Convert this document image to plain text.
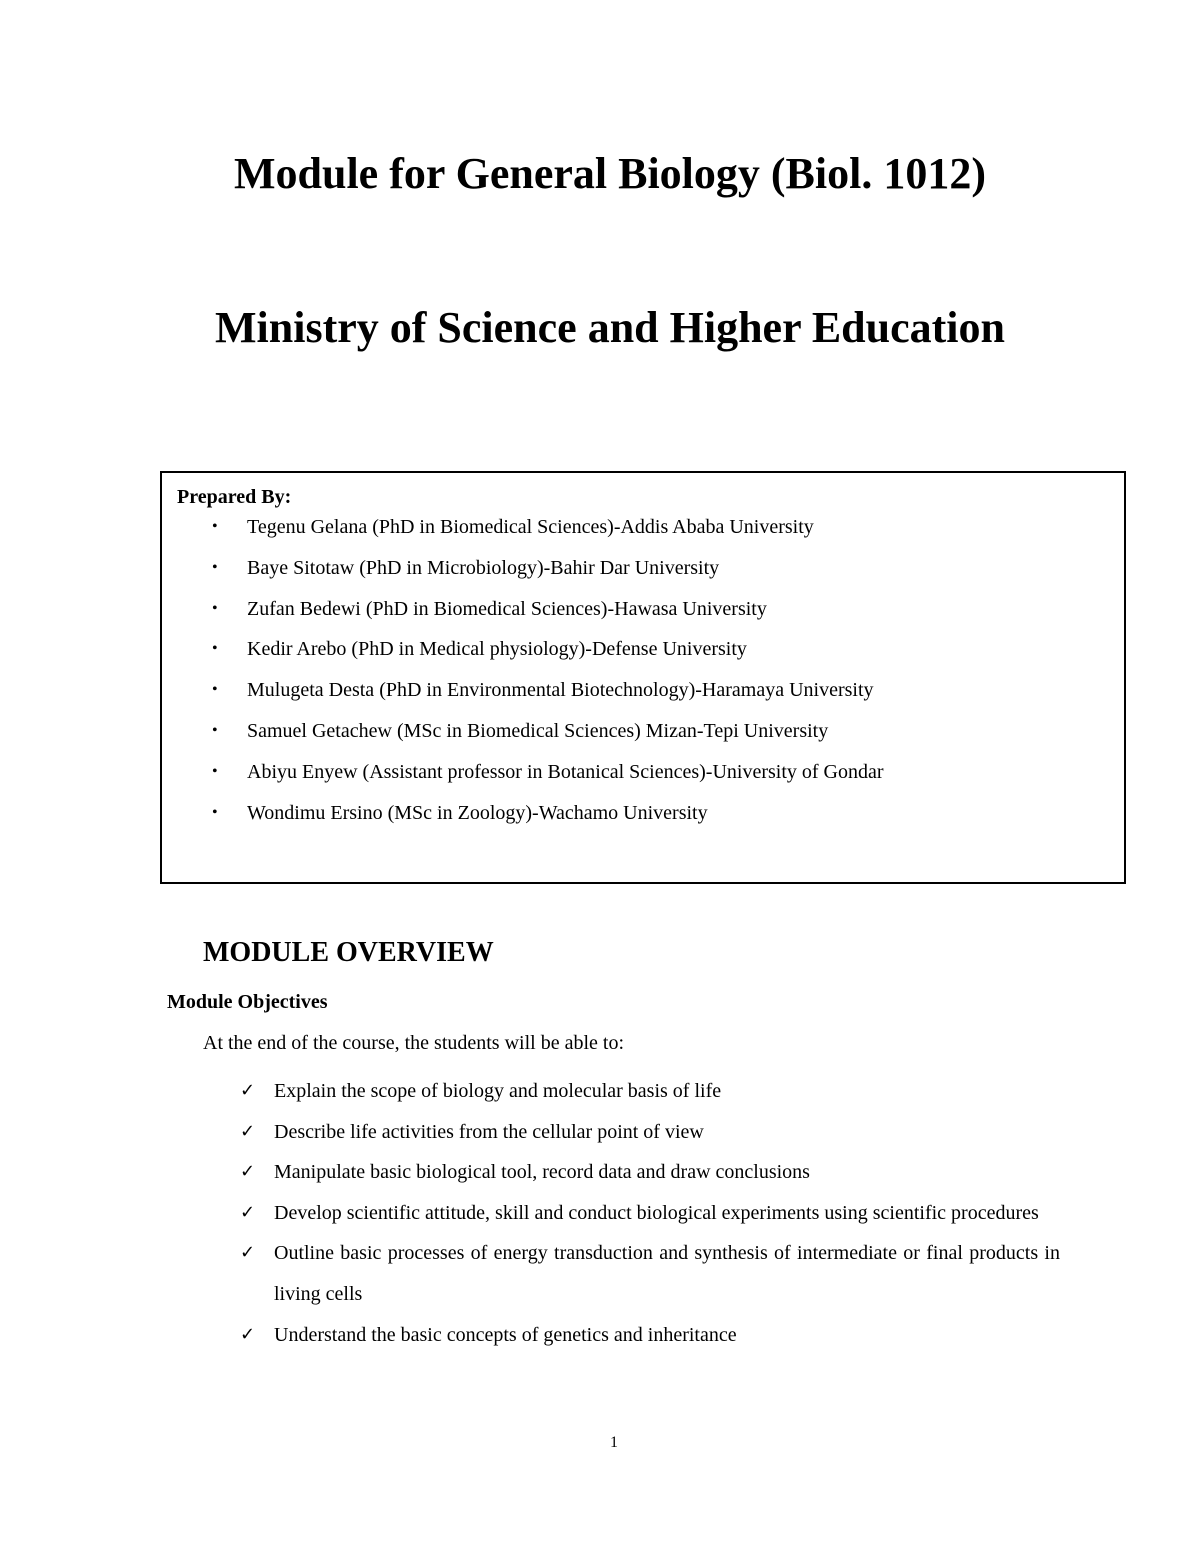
Module for General Biology (Biol. 1012)
Ministry of Science and Higher Education
Prepared By:
• Tegenu Gelana (PhD in Biomedical Sciences)-Addis Ababa University
• Baye Sitotaw (PhD in Microbiology)-Bahir Dar University
• Zufan Bedewi (PhD in Biomedical Sciences)-Hawasa University
• Kedir Arebo (PhD in Medical physiology)-Defense University
• Mulugeta Desta (PhD in Environmental Biotechnology)-Haramaya University
• Samuel Getachew (MSc in Biomedical Sciences) Mizan-Tepi University
• Abiyu Enyew (Assistant professor in Botanical Sciences)-University of Gondar
• Wondimu Ersino (MSc in Zoology)-Wachamo University
MODULE OVERVIEW
Module Objectives
At the end of the course, the students will be able to:
✓ Explain the scope of biology and molecular basis of life
✓ Describe life activities from the cellular point of view
✓ Manipulate basic biological tool, record data and draw conclusions
✓ Develop scientific attitude, skill and conduct biological experiments using scientific procedures
✓ Outline basic processes of energy transduction and synthesis of intermediate or final products in living cells
✓ Understand the basic concepts of genetics and inheritance
1
